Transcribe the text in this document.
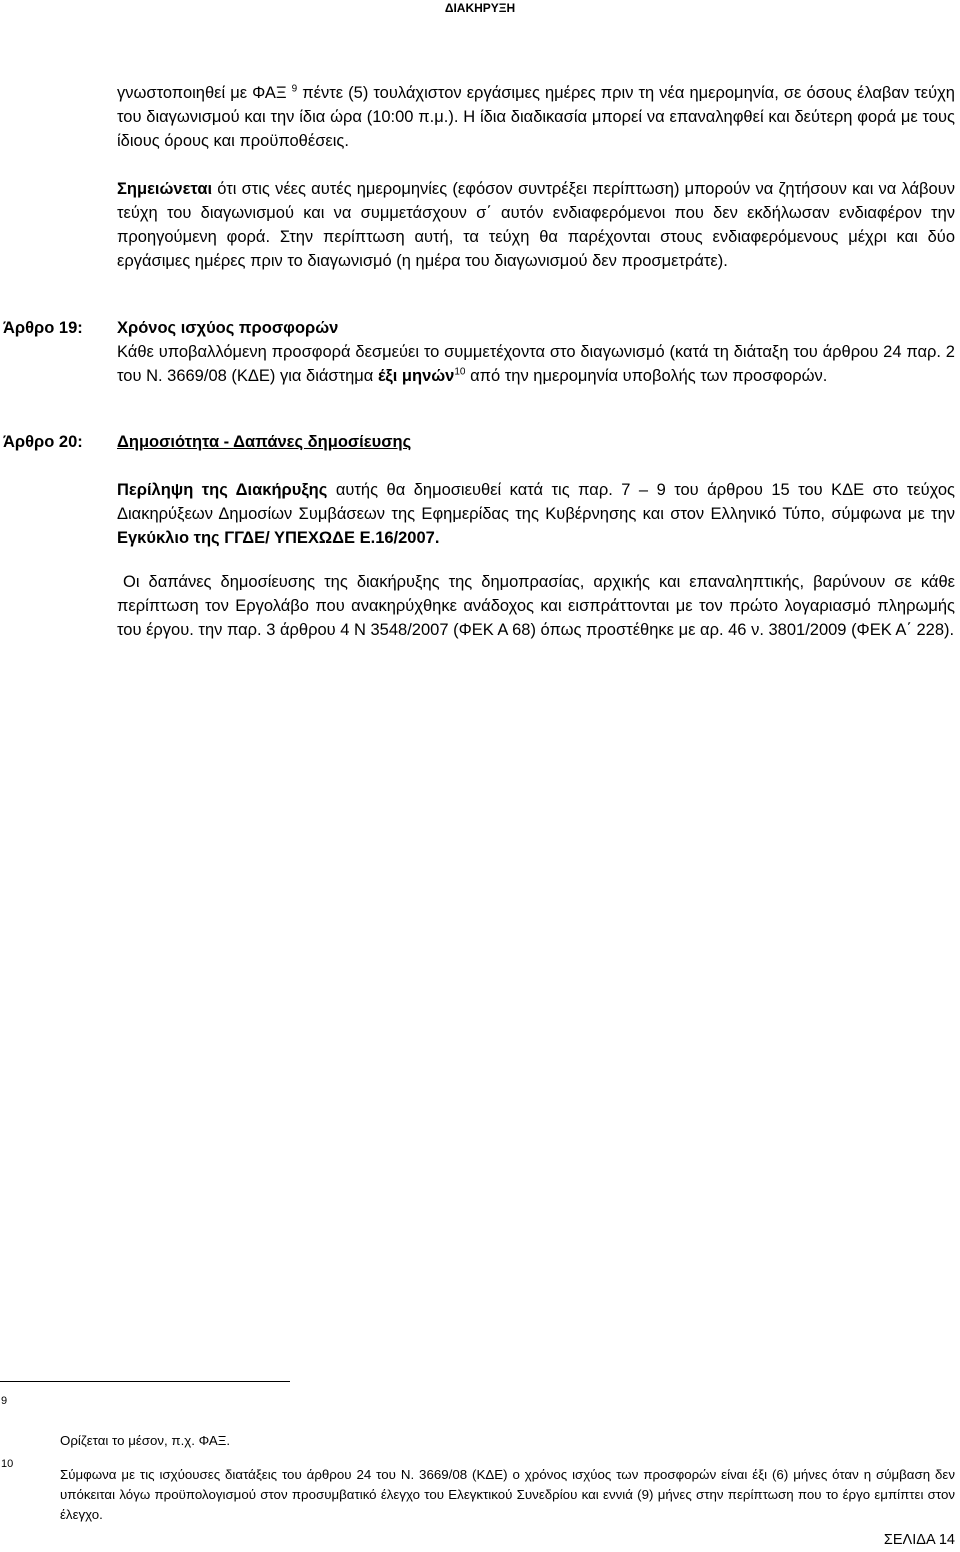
ΔΙΑΚΗΡΥΞΗ

γνωστοποιηθεί με ΦΑΞ $^9$ πέντε (5) τουλάχιστον εργάσιμες ημέρες πριν τη νέα ημερομηνία, σε όσους έλαβαν τεύχη του διαγωνισμού και την ίδια ώρα (10:00 π.μ.). Η ίδια διαδικασία μπορεί να επαναληφθεί και δεύτερη φορά με τους ίδιους όρους και προϋποθέσεις.

Σημειώνεται ότι στις νέες αυτές ημερομηνίες (εφόσον συντρέξει περίπτωση) μπορούν να ζητήσουν και να λάβουν τεύχη του διαγωνισμού και να συμμετάσχουν σ΄ αυτόν ενδιαφερόμενοι που δεν εκδήλωσαν ενδιαφέρον την προηγούμενη φορά. Στην περίπτωση αυτή, τα τεύχη θα παρέχονται στους ενδιαφερόμενους μέχρι και δύο εργάσιμες ημέρες πριν το διαγωνισμό (η ημέρα του διαγωνισμού δεν προσμετράτε).

Άρθρο 19: Χρόνος ισχύος προσφορών

Κάθε υποβαλλόμενη προσφορά δεσμεύει το συμμετέχοντα στο διαγωνισμό (κατά τη διάταξη του άρθρου 24 παρ. 2 του Ν. 3669/08 (ΚΔΕ) για διάστημα έξι μηνών$^{10}$ από την ημερομηνία υποβολής των προσφορών.

Άρθρο 20: Δημοσιότητα - Δαπάνες δημοσίευσης

Περίληψη της Διακήρυξης αυτής θα δημοσιευθεί κατά τις παρ. 7 – 9 του άρθρου 15 του ΚΔΕ στο τεύχος Διακηρύξεων Δημοσίων Συμβάσεων της Εφημερίδας της Κυβέρνησης και στον Ελληνικό Τύπο, σύμφωνα με την Εγκύκλιο της ΓΓΔΕ/ ΥΠΕΧΩΔΕ Ε.16/2007.

Οι δαπάνες δημοσίευσης της διακήρυξης της δημοπρασίας, αρχικής και επαναληπτικής, βαρύνουν σε κάθε περίπτωση τον Εργολάβο που ανακηρύχθηκε ανάδοχος και εισπράττονται με τον πρώτο λογαριασμό πληρωμής του έργου. την παρ. 3 άρθρου 4 Ν 3548/2007 (ΦΕΚ Α 68) όπως προστέθηκε με αρ. 46 ν. 3801/2009 (ΦΕΚ Α΄ 228).

9

Ορίζεται το μέσον, π.χ. ΦΑΞ.

10

Σύμφωνα με τις ισχύουσες διατάξεις του άρθρου 24 του Ν. 3669/08 (ΚΔΕ) ο χρόνος ισχύος των προσφορών είναι έξι (6) μήνες όταν η σύμβαση δεν υπόκειται λόγω προϋπολογισμού στον προσυμβατικό έλεγχο του Ελεγκτικού Συνεδρίου και εννιά (9) μήνες στην περίπτωση που το έργο εμπίπτει στον έλεγχο.

ΣΕΛΙΔΑ 14
